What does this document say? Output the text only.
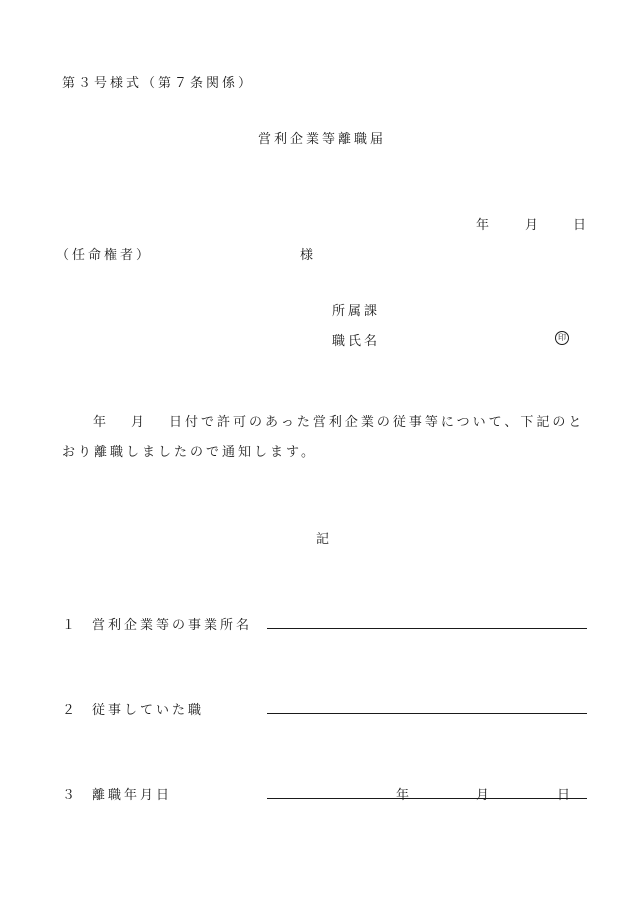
第３号様式（第７条関係）
営利企業等離職届
年	月 日
（任命権者）	様
所属課
職氏名	印
年 月 日付で許可のあった営利企業の従事等について、下記のとおり離職しましたので通知します。
記
１ 営利企業等の事業所名
２ 従事していた職
３ 離職年月日	年	月	日
